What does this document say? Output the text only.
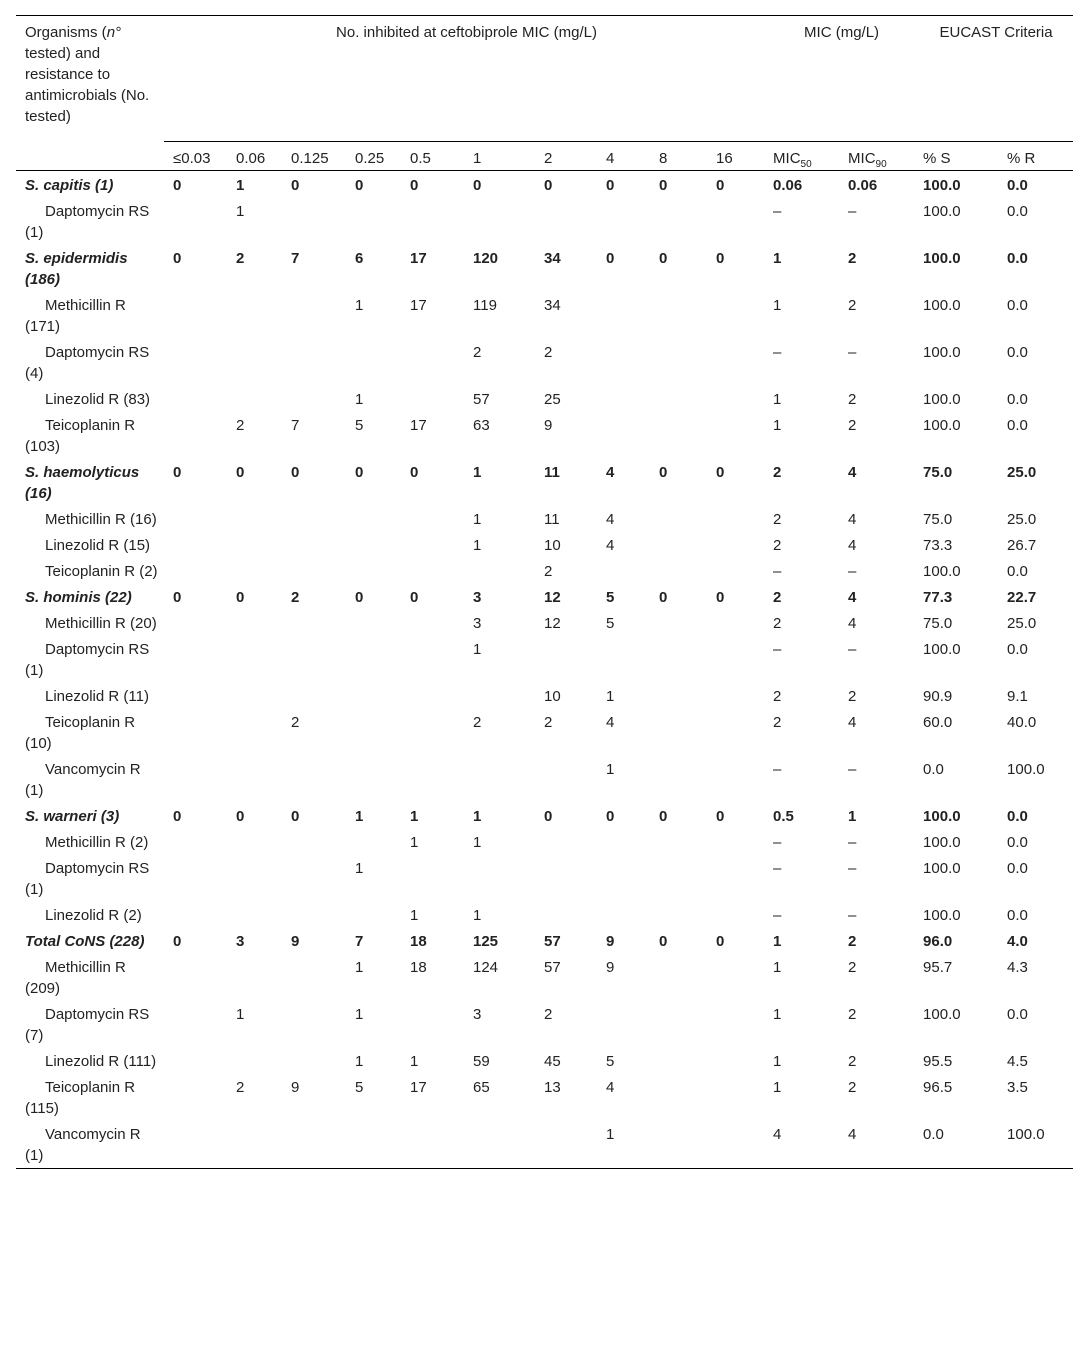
Organisms (n° tested) and resistance to antimicrobials (No. tested)	No. inhibited at ceftobiprole MIC (mg/L)										MIC (mg/L)		EUCAST Criteria	
	≤0.03	0.06	0.125	0.25	0.5	1	2	4	8	16	$MIC_{50}$	$MIC_{90}$	% S	% R
S. capitis (1)	0	1	0	0	0	0	0	0	0	0	0.06	0.06	100.0	0.0
Daptomycin RS (1)		1									–	–	100.0	0.0
S. epidermidis (186)	0	2	7	6	17	120	34	0	0	0	1	2	100.0	0.0
Methicillin R (171)				1	17	119	34				1	2	100.0	0.0
Daptomycin RS (4)						2	2				–	–	100.0	0.0
Linezolid R (83)				1		57	25				1	2	100.0	0.0
Teicoplanin R (103)		2	7	5	17	63	9				1	2	100.0	0.0
S. haemolyticus (16)	0	0	0	0	0	1	11	4	0	0	2	4	75.0	25.0
Methicillin R (16)						1	11	4			2	4	75.0	25.0
Linezolid R (15)						1	10	4			2	4	73.3	26.7
Teicoplanin R (2)							2				–	–	100.0	0.0
S. hominis (22)	0	0	2	0	0	3	12	5	0	0	2	4	77.3	22.7
Methicillin R (20)						3	12	5			2	4	75.0	25.0
Daptomycin RS (1)						1					–	–	100.0	0.0
Linezolid R (11)							10	1			2	2	90.9	9.1
Teicoplanin R (10)			2			2	2	4			2	4	60.0	40.0
Vancomycin R (1)								1			–	–	0.0	100.0
S. warneri (3)	0	0	0	1	1	1	0	0	0	0	0.5	1	100.0	0.0
Methicillin R (2)					1	1					–	–	100.0	0.0
Daptomycin RS (1)				1							–	–	100.0	0.0
Linezolid R (2)					1	1					–	–	100.0	0.0
Total CoNS (228)	0	3	9	7	18	125	57	9	0	0	1	2	96.0	4.0
Methicillin R (209)				1	18	124	57	9			1	2	95.7	4.3
Daptomycin RS (7)		1		1		3	2				1	2	100.0	0.0
Linezolid R (111)				1	1	59	45	5			1	2	95.5	4.5
Teicoplanin R (115)		2	9	5	17	65	13	4			1	2	96.5	3.5
Vancomycin R (1)								1			4	4	0.0	100.0
